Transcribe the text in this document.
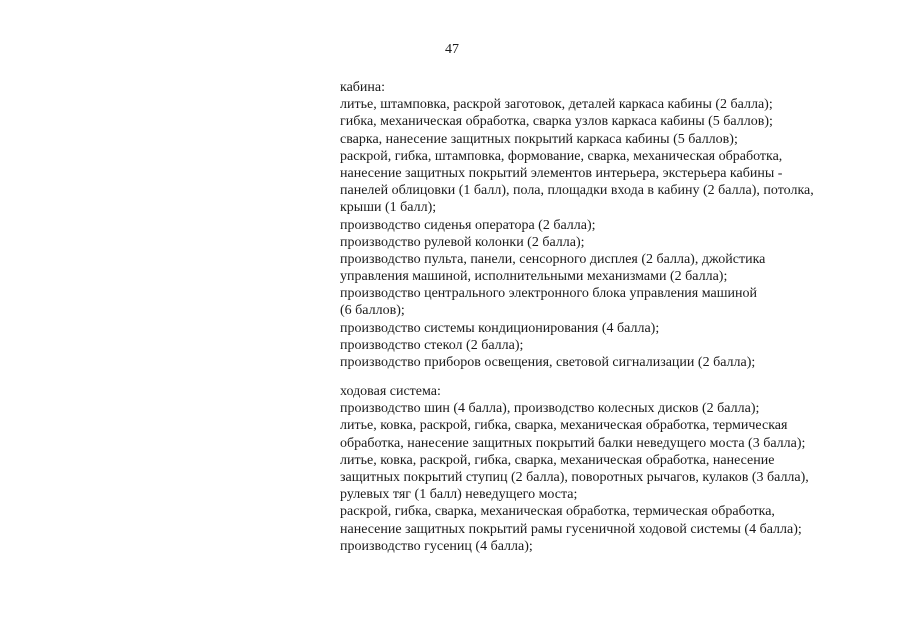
47
кабина:
литье, штамповка, раскрой заготовок, деталей каркаса кабины (2 балла);
гибка, механическая обработка, сварка узлов каркаса кабины (5 баллов);
сварка, нанесение защитных покрытий каркаса кабины (5 баллов);
раскрой, гибка, штамповка, формование, сварка, механическая обработка,
нанесение защитных покрытий элементов интерьера, экстерьера кабины -
панелей облицовки (1 балл), пола, площадки входа в кабину (2 балла), потолка,
крыши (1 балл);
производство сиденья оператора (2 балла);
производство рулевой колонки (2 балла);
производство пульта, панели, сенсорного дисплея (2 балла), джойстика
управления машиной, исполнительными механизмами (2 балла);
производство центрального электронного блока управления машиной
(6 баллов);
производство системы кондиционирования (4 балла);
производство стекол (2 балла);
производство приборов освещения, световой сигнализации (2 балла);
ходовая система:
производство шин (4 балла), производство колесных дисков (2 балла);
литье, ковка, раскрой, гибка, сварка, механическая обработка, термическая
обработка, нанесение защитных покрытий балки неведущего моста (3 балла);
литье, ковка, раскрой, гибка, сварка, механическая обработка, нанесение
защитных покрытий ступиц (2 балла), поворотных рычагов, кулаков (3 балла),
рулевых тяг (1 балл) неведущего моста;
раскрой, гибка, сварка, механическая обработка, термическая обработка,
нанесение защитных покрытий рамы гусеничной ходовой системы (4 балла);
производство гусениц (4 балла);
